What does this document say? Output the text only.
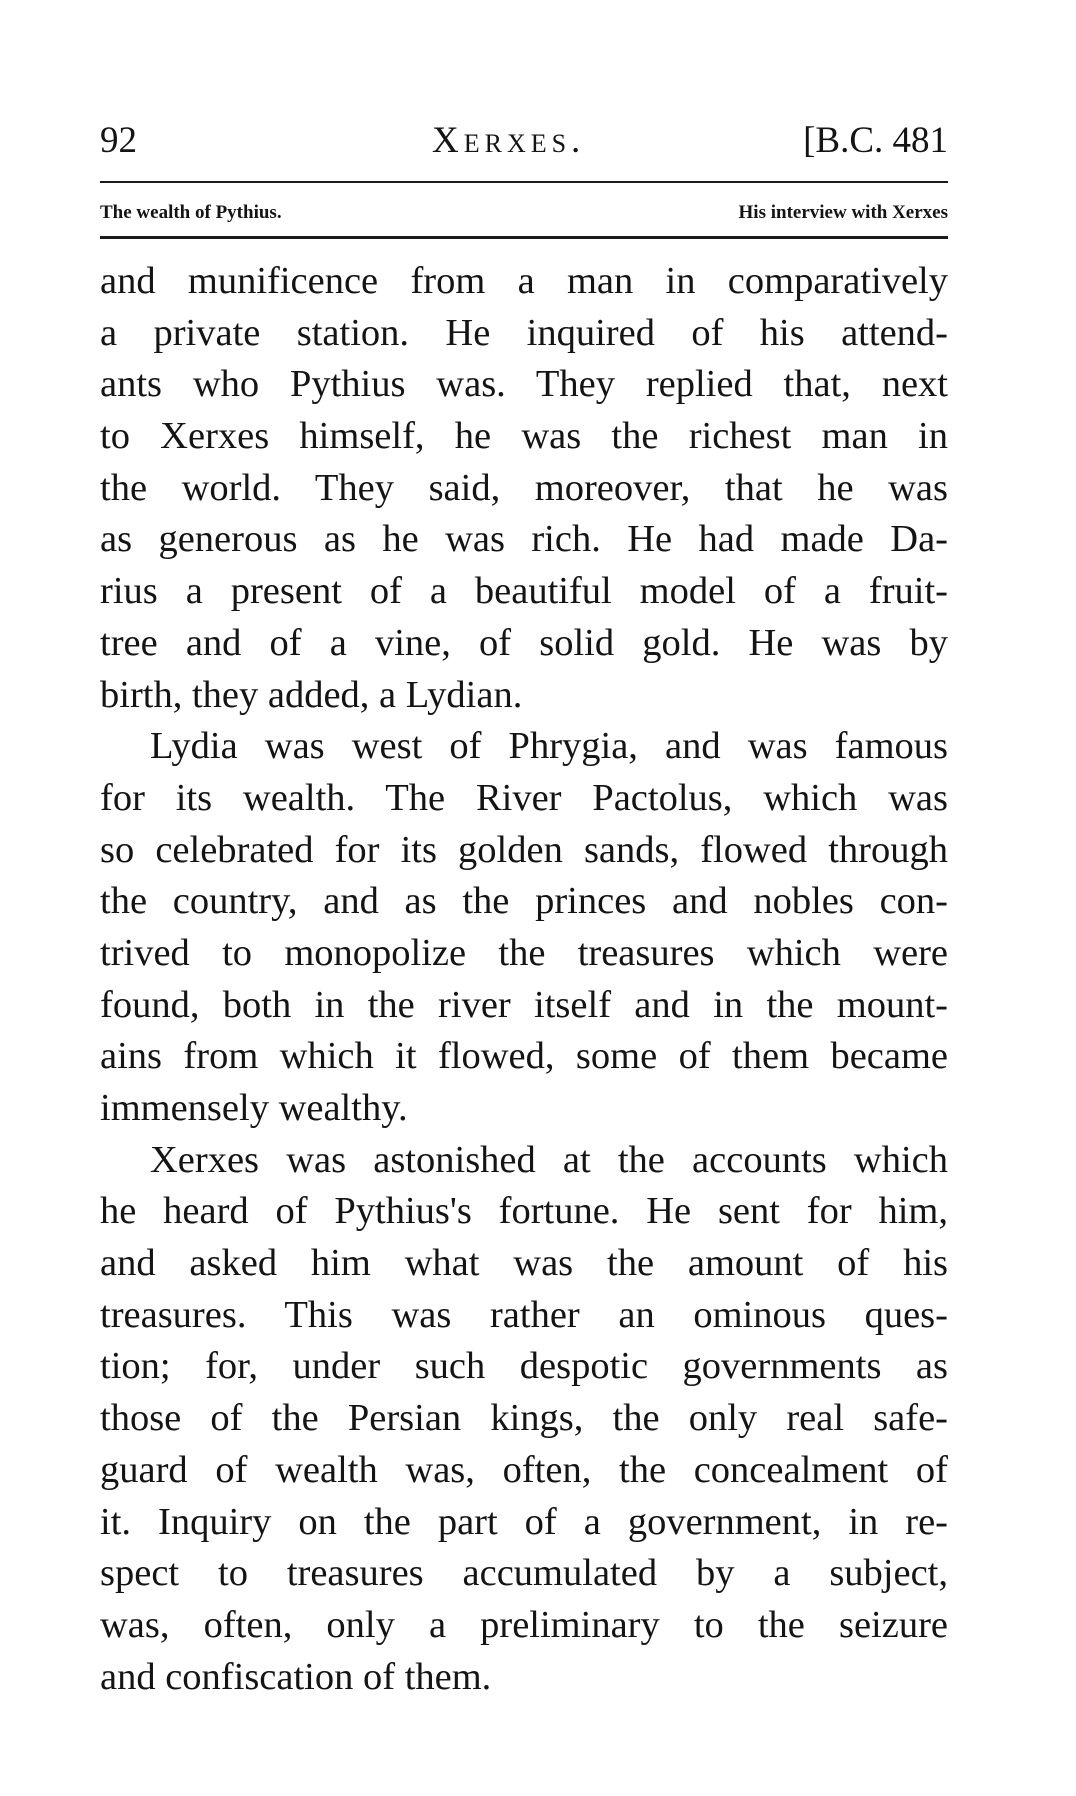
92	Xerxes.	[B.C. 481
The wealth of Pythius.	His interview with Xerxes

and munificence from a man in comparatively
a private station. He inquired of his attend-
ants who Pythius was. They replied that, next
to Xerxes himself, he was the richest man in
the world. They said, moreover, that he was
as generous as he was rich. He had made Da-
rius a present of a beautiful model of a fruit-
tree and of a vine, of solid gold. He was by
birth, they added, a Lydian.

Lydia was west of Phrygia, and was famous
for its wealth. The River Pactolus, which was
so celebrated for its golden sands, flowed through
the country, and as the princes and nobles con-
trived to monopolize the treasures which were
found, both in the river itself and in the mount-
ains from which it flowed, some of them became
immensely wealthy.

Xerxes was astonished at the accounts which
he heard of Pythius's fortune. He sent for him,
and asked him what was the amount of his
treasures. This was rather an ominous ques-
tion; for, under such despotic governments as
those of the Persian kings, the only real safe-
guard of wealth was, often, the concealment of
it. Inquiry on the part of a government, in re-
spect to treasures accumulated by a subject,
was, often, only a preliminary to the seizure
and confiscation of them.
